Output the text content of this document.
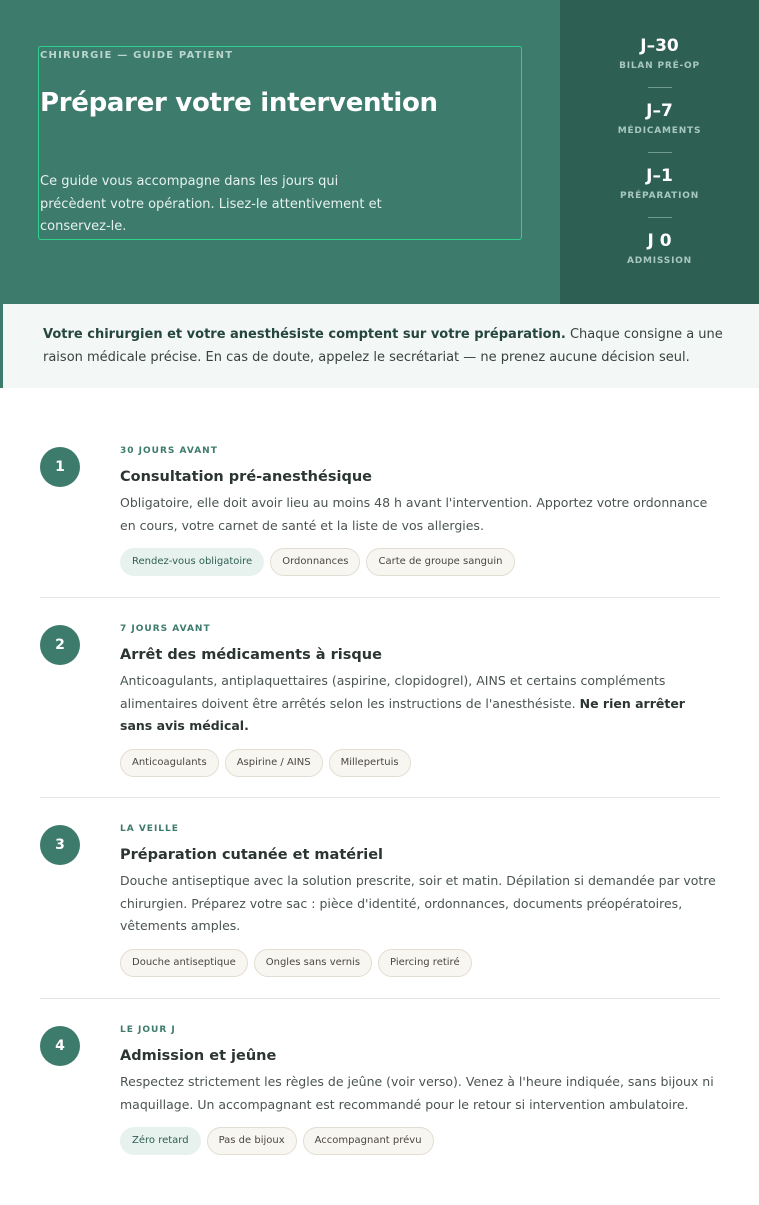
CHIRURGIE — GUIDE PATIENT
Préparer votre intervention

Ce guide vous accompagne dans les jours qui précèdent votre opération. Lisez-le attentivement et conservez-le.

J–30
BILAN PRÉ-OP
J–7
MÉDICAMENTS
J–1
PRÉPARATION
J 0
ADMISSION

Votre chirurgien et votre anesthésiste comptent sur votre préparation. Chaque consigne a une raison médicale précise. En cas de doute, appelez le secrétariat — ne prenez aucune décision seul.

1
30 JOURS AVANT
Consultation pré-anesthésique

Obligatoire, elle doit avoir lieu au moins 48 h avant l'intervention. Apportez votre ordonnance en cours, votre carnet de santé et la liste de vos allergies.

Rendez-vous obligatoire	Ordonnances	Carte de groupe sanguin
2
7 JOURS AVANT
Arrêt des médicaments à risque

Anticoagulants, antiplaquettaires (aspirine, clopidogrel), AINS et certains compléments alimentaires doivent être arrêtés selon les instructions de l'anesthésiste. Ne rien arrêter sans avis médical.

Anticoagulants	Aspirine / AINS	Millepertuis
3
LA VEILLE
Préparation cutanée et matériel

Douche antiseptique avec la solution prescrite, soir et matin. Dépilation si demandée par votre chirurgien. Préparez votre sac : pièce d'identité, ordonnances, documents préopératoires, vêtements amples.

Douche antiseptique	Ongles sans vernis	Piercing retiré
4
LE JOUR J
Admission et jeûne

Respectez strictement les règles de jeûne (voir verso). Venez à l'heure indiquée, sans bijoux ni maquillage. Un accompagnant est recommandé pour le retour si intervention ambulatoire.

Zéro retard	Pas de bijoux	Accompagnant prévu
